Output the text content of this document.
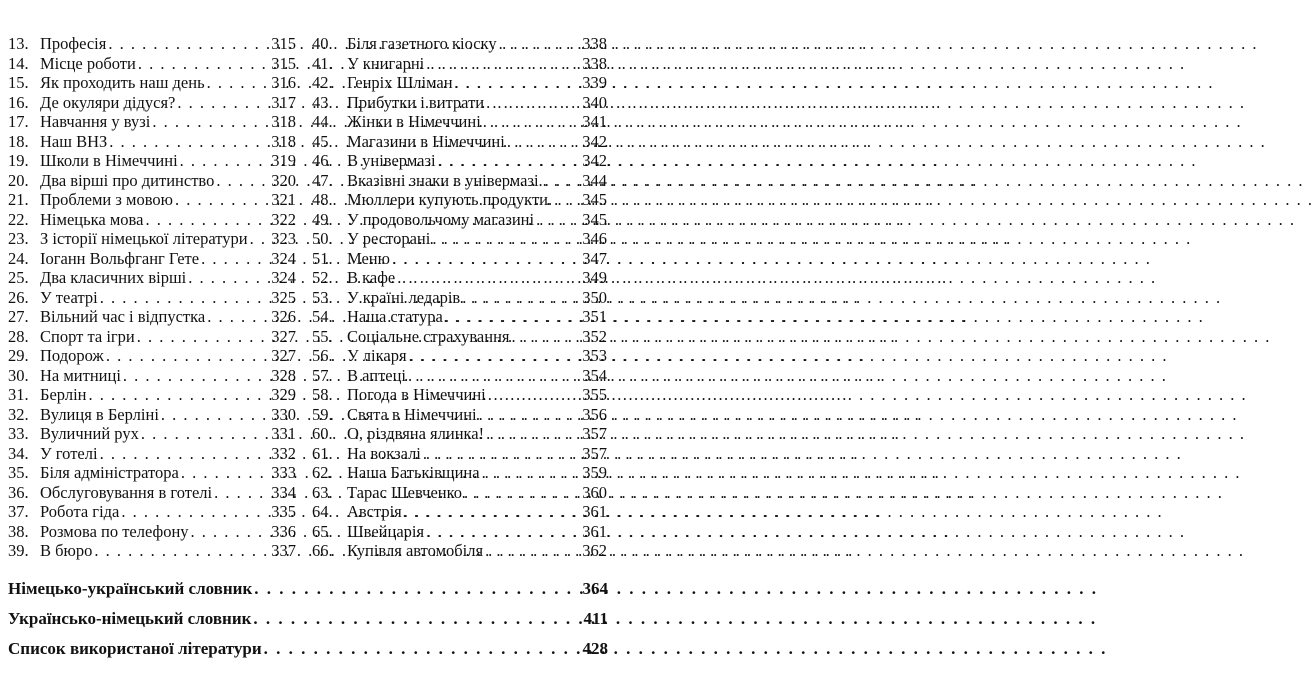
13. Професія . . .	315
14. Місце роботи . . .	315
15. Як проходить наш день . . .	316
16. Де окуляри дідуся? . . .	317
17. Навчання у вузі . . .	318
18. Наш ВНЗ . . .	318
19. Школи в Німеччині . . .	319
20. Два вірші про дитинство . . .	320
21. Проблеми з мовою . . .	321
22. Німецька мова . . .	322
23. З історії німецької літератури . . . 323
24. Іоганн Вольфганг Гете . . .	324
25. Два класичних вірші . . .	324
26. У театрі . . .	325
27. Вільний час і відпустка . . .	326
28. Спорт та ігри . . .	327
29. Подорож . . .	327
30. На митниці . . .	328
31. Берлін . . .	329
32. Вулиця в Берліні . . .	330
33. Вуличний рух . . .	331
34. У готелі . . .	332
35. Біля адміністратора . . .	333
36. Обслуговування в готелі . . .	334
37. Робота гіда . . .	335
38. Розмова по телефону . . .	336
39. В бюро . . .	337
40. Біля газетного кіоску . . .	338
41. У книгарні . . .	338
42. Генріх Шліман . . .	339
43. Прибутки і витрати . . .	340
44. Жінки в Німеччині . . .	341
45. Магазини в Німеччині . . .	342
46. В універмазі . . .	342
47. Вказівні знаки в універмазі. . . . 344
48. Мюллери купують продукти. . . . 345
49. У продовольчому магазині . . .	345
50. У ресторані . . .	346
51. Меню . . .	347
52. В кафе . . .	349
53. У країні ледарів . . .	350
54. Наша статура . . .	351
55. Соціальне страхування . . .	352
56. У лікаря . . .	353
57. В аптеці . . .	354
58. Погода в Німеччині . . .	355
59. Свята в Німеччині . . .	356
60. О, різдвяна ялинка! . . .	357
61. На вокзалі . . .	357
62. Наша Батьківщина . . .	359
63. Тарас Шевченко . . .	360
64. Австрія . . .	361
65. Швейцарія . . .	361
66. Купівля автомобіля . . .	362
Німецько-український словник . . .	364
Українсько-німецький словник . . .	411
Список використаної літератури . . .	428
